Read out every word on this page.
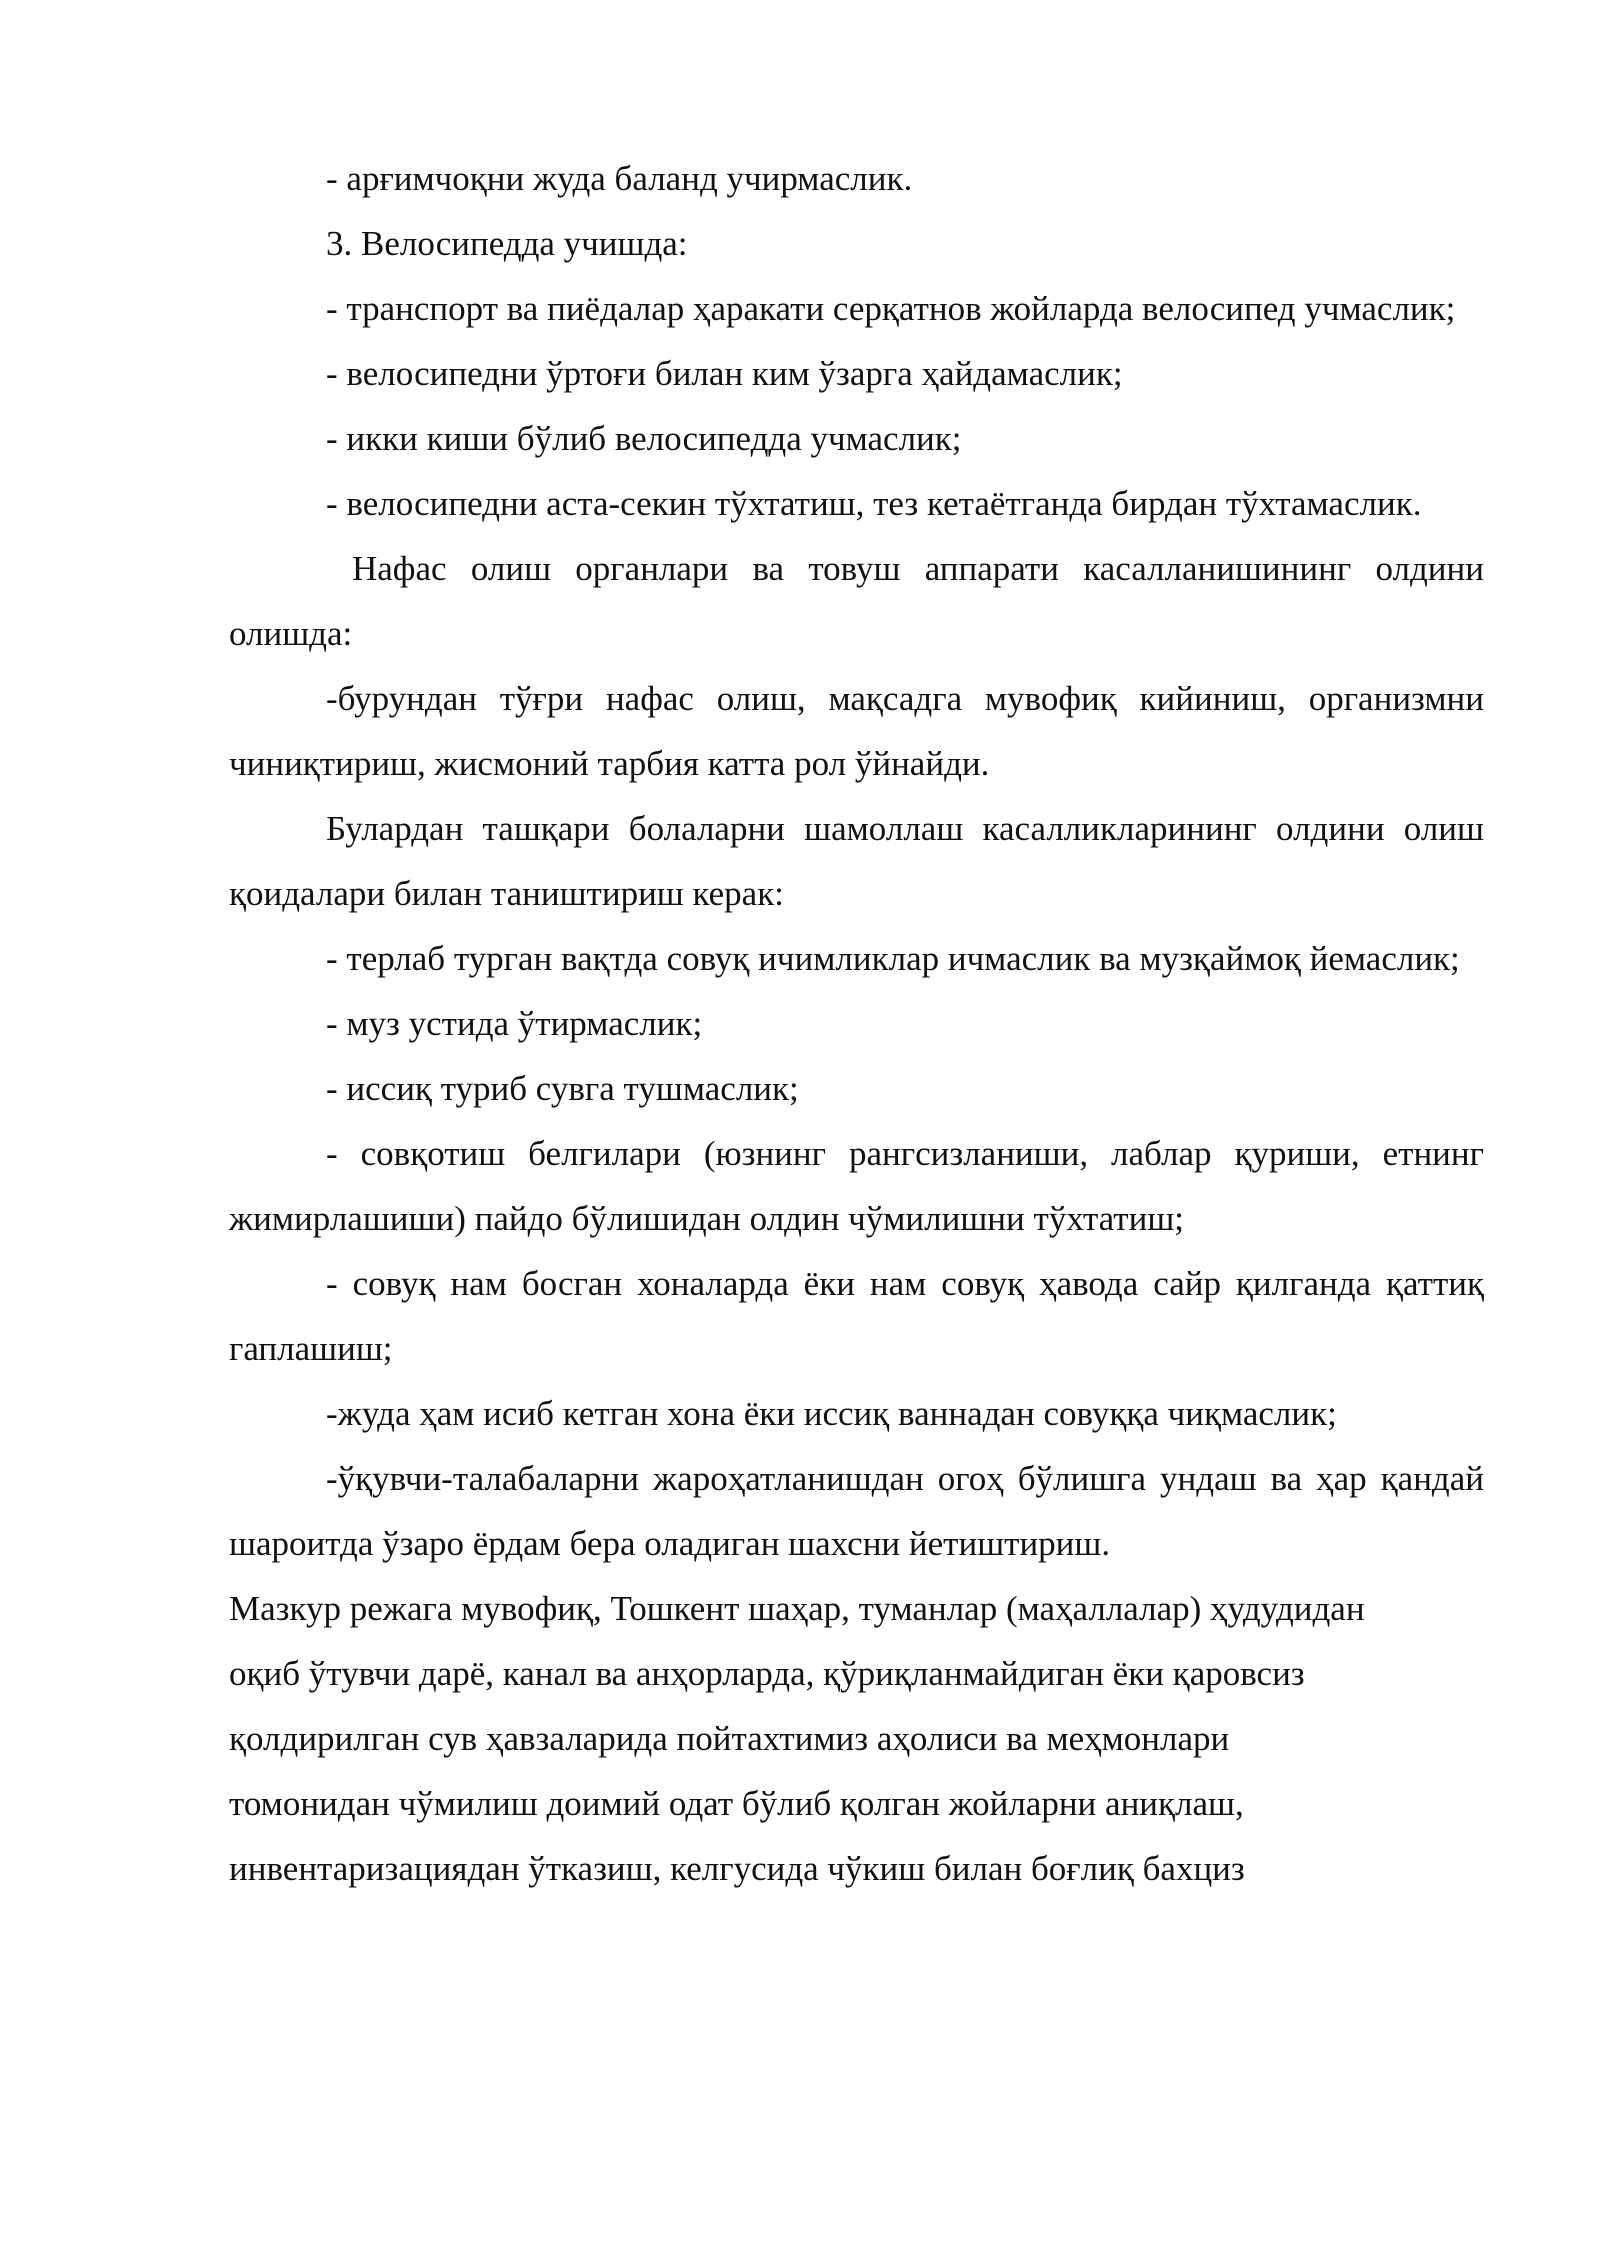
- арғимчоқни жуда баланд учирмаслик.

3. Велосипедда учишда:

- транспорт ва пиёдалар ҳаракати серқатнов жойларда велосипед учмаслик;

- велосипедни ўртоғи билан ким ўзарга ҳайдамаслик;

- икки киши бўлиб велосипедда учмаслик;

- велосипедни аста-секин тўхтатиш, тез кетаётганда бирдан тўхтамаслик.

Нафас олиш органлари ва товуш аппарати касалланишининг олдини олишда:

-бурундан тўғри нафас олиш, мақсадга мувофиқ кийиниш, организмни чиниқтириш, жисмоний тарбия катта рол ўйнайди.

Булардан ташқари болаларни шамоллаш касалликларининг олдини олиш қоидалари билан таништириш керак:

- терлаб турган вақтда совуқ ичимликлар ичмаслик ва музқаймоқ йемаслик;

- муз устида ўтирмаслик;

- иссиқ туриб сувга тушмаслик;

- совқотиш белгилари (юзнинг рангсизланиши, лаблар қуриши, етнинг жимирлашиши) пайдо бўлишидан олдин чўмилишни тўхтатиш;

- совуқ нам босган хоналарда ёки нам совуқ ҳавода сайр қилганда қаттиқ гаплашиш;

-жуда ҳам исиб кетган хона ёки иссиқ ваннадан совуққа чиқмаслик;

-ўқувчи-талабаларни жароҳатланишдан огоҳ бўлишга ундаш ва ҳар қандай шароитда ўзаро ёрдам бера оладиган шахсни йетиштириш.

Мазкур режага мувофиқ, Тошкент шаҳар, туманлар (маҳаллалар) ҳудудидан
оқиб ўтувчи дарё, канал ва анҳорларда, қўриқланмайдиган ёки қаровсиз
қолдирилган сув ҳавзаларида пойтахтимиз аҳолиси ва меҳмонлари
томонидан чўмилиш доимий одат бўлиб қолган жойларни аниқлаш,
инвентаризациядан ўтказиш, келгусида чўкиш билан боғлиқ бахциз
